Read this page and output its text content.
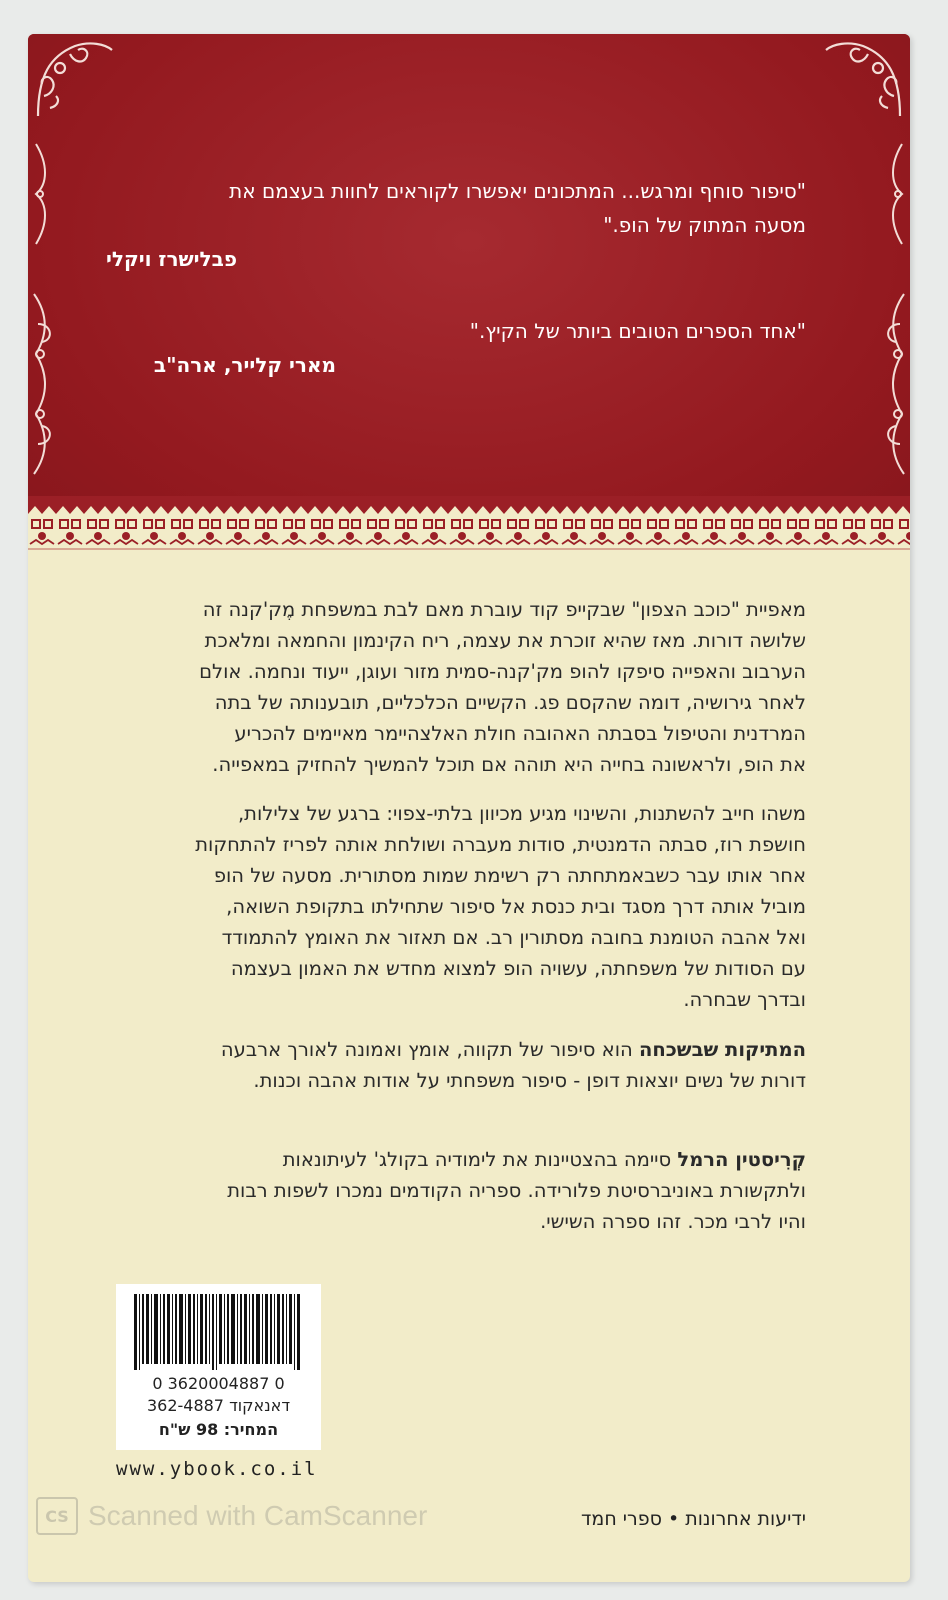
"סיפור סוחף ומרגש... המתכונים יאפשרו לקוראים לחוות בעצמם את

מסעה המתוק של הופ."

פבלישרז ויקלי

"אחד הספרים הטובים ביותר של הקיץ."

מארי קלייר, ארה"ב

מאפיית "כוכב הצפון" שבקייפ קוד עוברת מאם לבת במשפחת מֶק'קנה זה
שלושה דורות. מאז שהיא זוכרת את עצמה, ריח הקינמון והחמאה ומלאכת
הערבוב והאפייה סיפקו להופ מק'קנה-סמית מזור ועוגן, ייעוד ונחמה. אולם
לאחר גירושיה, דומה שהקסם פג. הקשיים הכלכליים, תובענותה של בתה
המרדנית והטיפול בסבתה האהובה חולת האלצהיימר מאיימים להכריע
את הופ, ולראשונה בחייה היא תוהה אם תוכל להמשיך להחזיק במאפייה.
משהו חייב להשתנות, והשינוי מגיע מכיוון בלתי-צפוי: ברגע של צלילות,
חושפת רוז, סבתה הדמנטית, סודות מעברה ושולחת אותה לפריז להתחקות
אחר אותו עבר כשבאמתחתה רק רשימת שמות מסתורית. מסעה של הופ
מוביל אותה דרך מסגד ובית כנסת אל סיפור שתחילתו בתקופת השואה,
ואל אהבה הטומנת בחובה מסתורין רב. אם תאזור את האומץ להתמודד
עם הסודות של משפחתה, עשויה הופ למצוא מחדש את האמון בעצמה
ובדרך שבחרה.
המתיקות שבשכחה הוא סיפור של תקווה, אומץ ואמונה לאורך ארבעה
דורות של נשים יוצאות דופן - סיפור משפחתי על אודות אהבה וכנות.
קְרִיסטין הרמל סיימה בהצטיינות את לימודיה בקולג' לעיתונאות
ולתקשורת באוניברסיטת פלורידה. ספריה הקודמים נמכרו לשפות רבות
והיו לרבי מכר. זהו ספרה השישי.

0 3620004887 0

דאנאקוד 362-4887

המחיר: 98 ש"ח

www.ybook.co.il
ידיעות אחרונות • ספרי חמד
CS Scanned with CamScanner
